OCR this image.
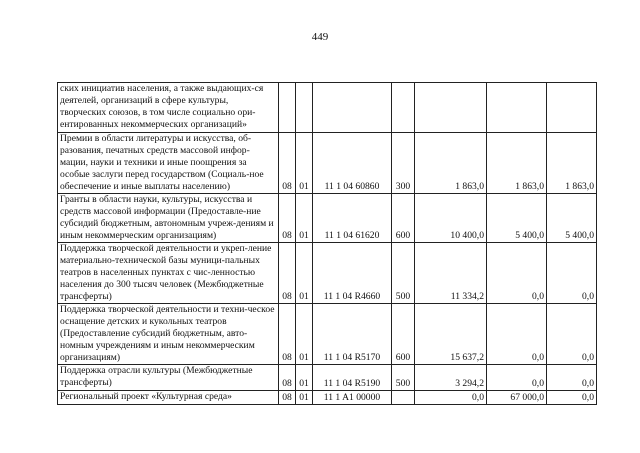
449
ских инициатив населения, а также выдающих-ся деятелей, организаций в сфере культуры, творческих союзов, в том числе социально ори-ентированных некоммерческих организаций»							
Премии в области литературы и искусства, об-разования, печатных средств массовой инфор-мации, науки и техники и иные поощрения за особые заслуги перед государством (Социаль-ное обеспечение и иные выплаты населению)	08	01	11 1 04 60860	300	1 863,0	1 863,0	1 863,0
Гранты в области науки, культуры, искусства и средств массовой информации (Предоставле-ние субсидий бюджетным, автономным учреж-дениям и иным некоммерческим организациям)	08	01	11 1 04 61620	600	10 400,0	5 400,0	5 400,0
Поддержка творческой деятельности и укреп-ление материально-технической базы муници-пальных театров в населенных пунктах с чис-ленностью населения до 300 тысяч человек (Межбюджетные трансферты)	08	01	11 1 04 R4660	500	11 334,2	0,0	0,0
Поддержка творческой деятельности и техни-ческое оснащение детских и кукольных театров (Предоставление субсидий бюджетным, авто-номным учреждениям и иным некоммерческим организациям)	08	01	11 1 04 R5170	600	15 637,2	0,0	0,0
Поддержка отрасли культуры (Межбюджетные трансферты)	08	01	11 1 04 R5190	500	3 294,2	0,0	0,0
Региональный проект «Культурная среда»	08	01	11 1 A1 00000		0,0	67 000,0	0,0
